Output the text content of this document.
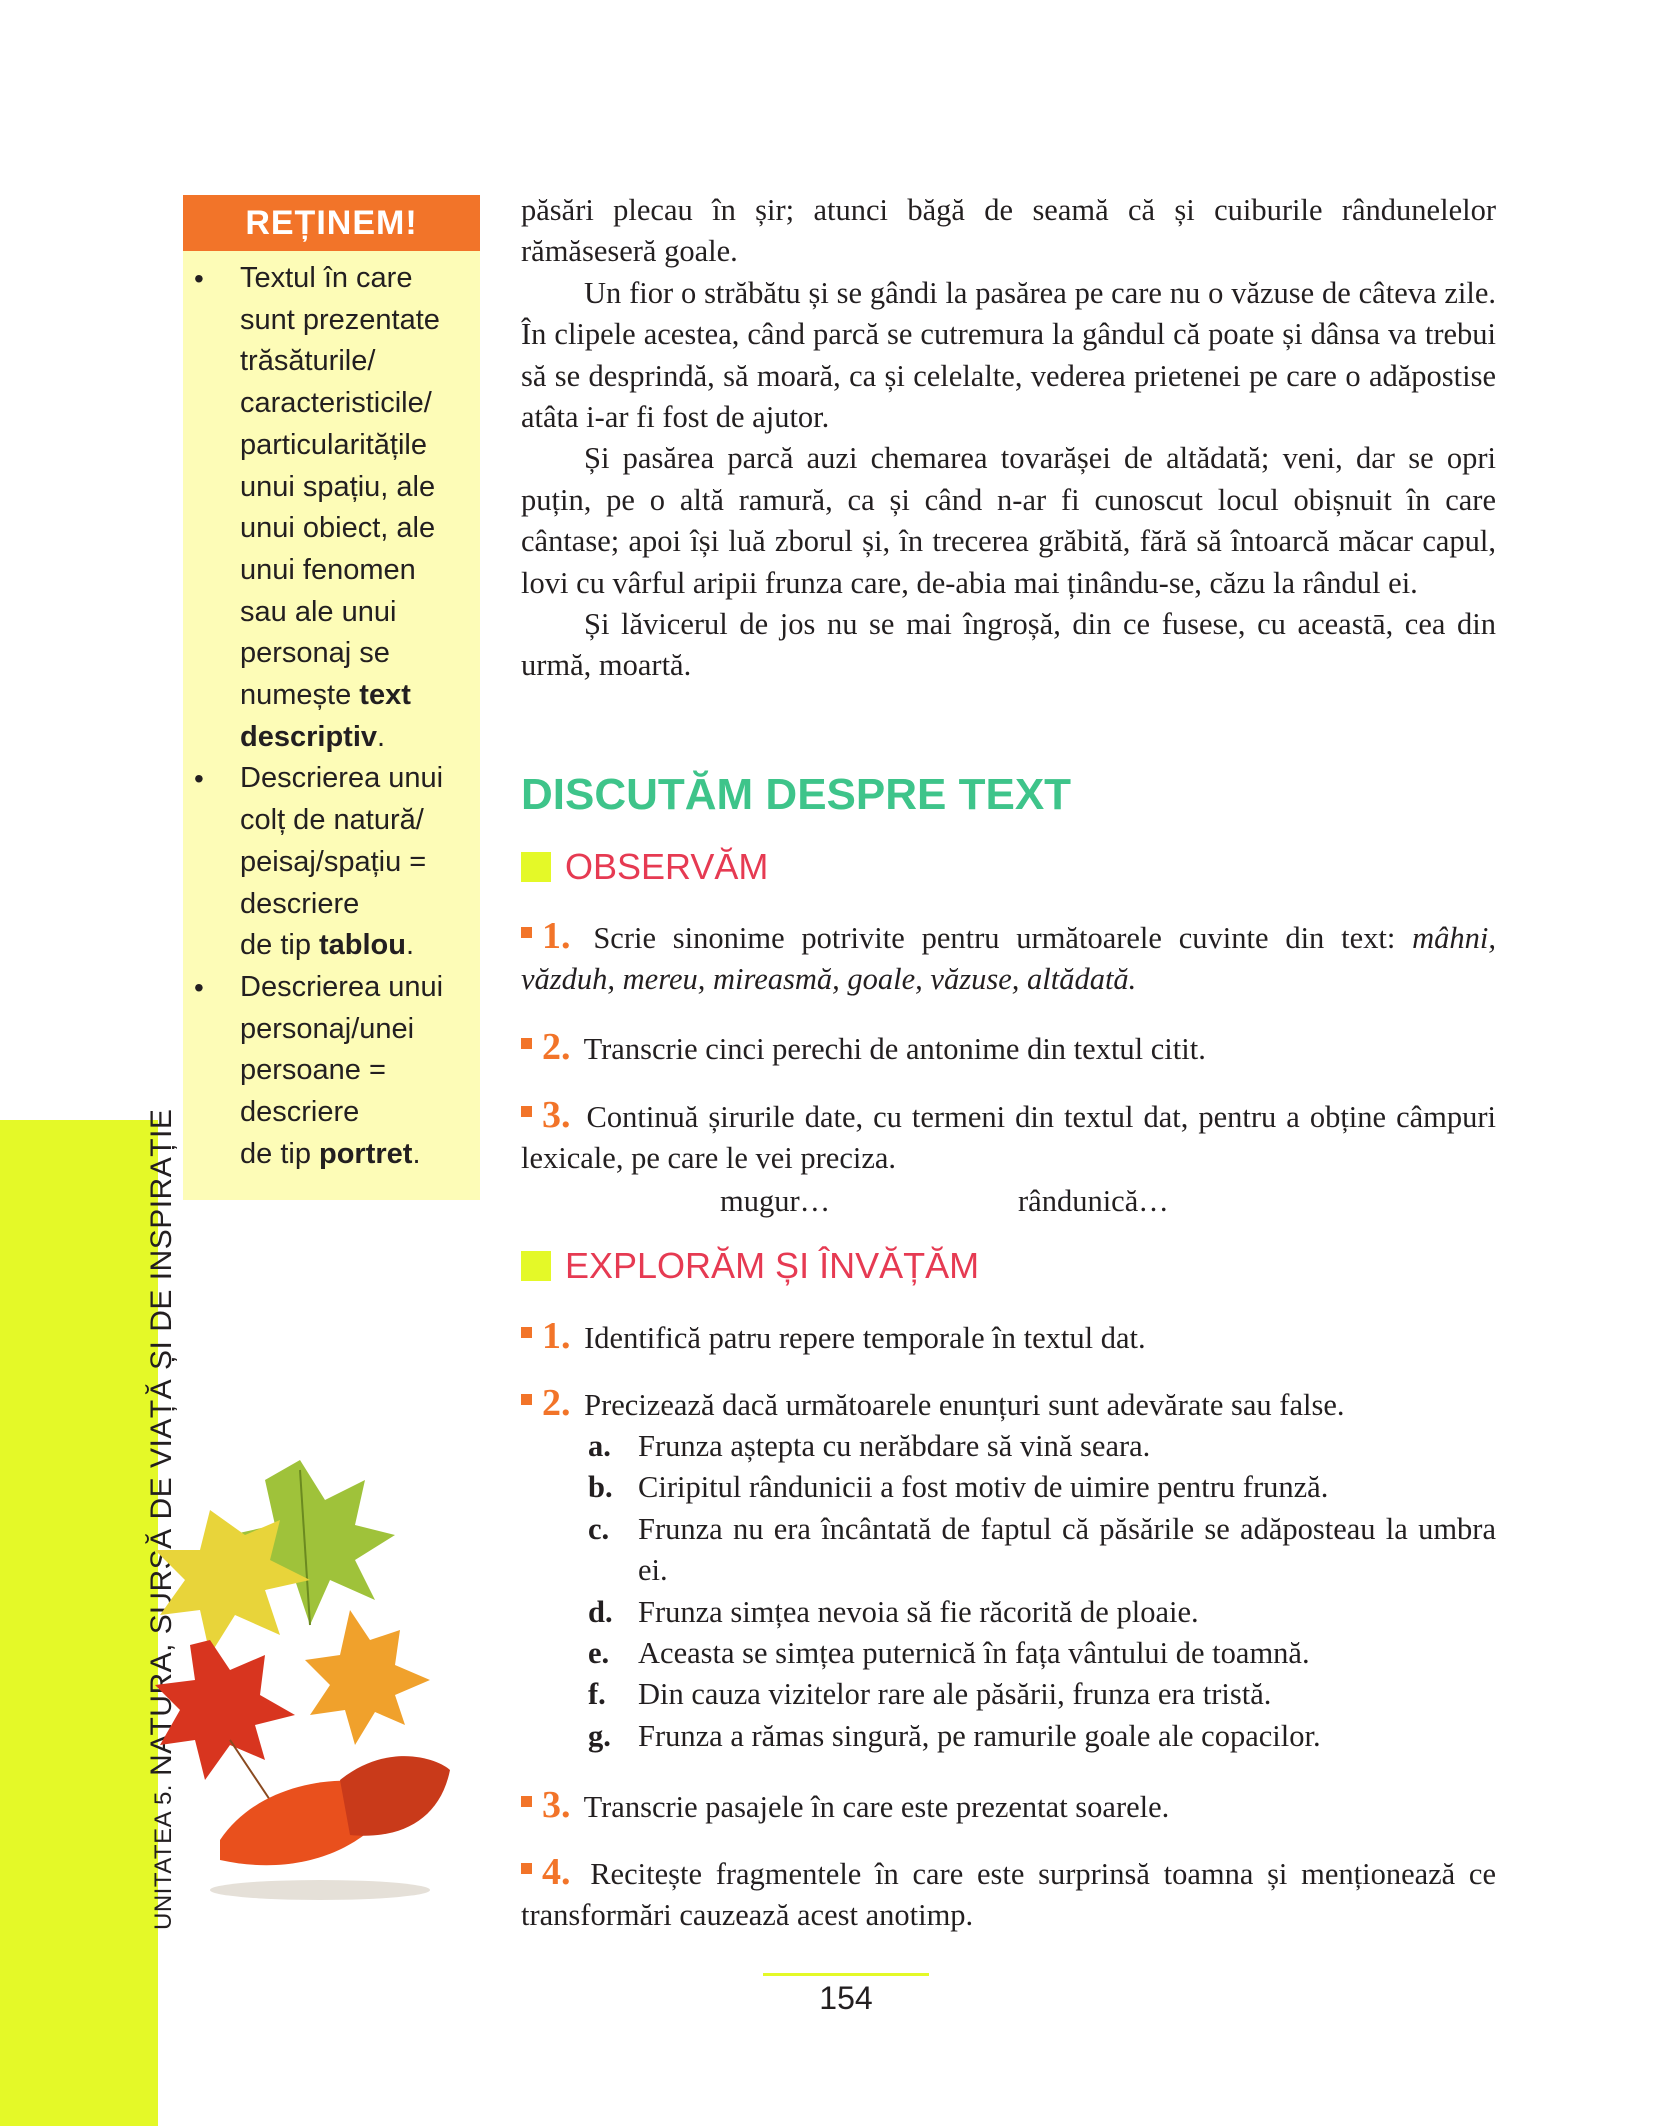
UNITATEA 5. NATURA, SURSĂ DE VIAȚĂ ȘI DE INSPIRAȚIE
REȚINEM!
• Textul în care
sunt prezentate
trăsăturile/
caracteristicile/
particularitățile
unui spațiu, ale
unui obiect, ale
unui fenomen
sau ale unui
personaj se
numește text descriptiv.
• Descrierea unui
colț de natură/
peisaj/spațiu =
descriere
de tip tablou.
• Descrierea unui
personaj/unei
persoane =
descriere
de tip portret.

păsări plecau în șir; atunci băgă de seamă că și cuiburile rândunelelor rămăseseră goale.

Un fior o străbătu și se gândi la pasărea pe care nu o văzuse de câteva zile. În clipele acestea, când parcă se cutremura la gândul că poate și dânsa va trebui să se desprindă, să moară, ca și celelalte, vederea prietenei pe care o adăpostise atâta i-ar fi fost de ajutor.

Și pasărea parcă auzi chemarea tovarășei de altădată; veni, dar se opri puțin, pe o altă ramură, ca și când n-ar fi cunoscut locul obișnuit în care cântase; apoi își luă zborul și, în trecerea grăbită, fără să întoarcă măcar capul, lovi cu vârful aripii frunza care, de-abia mai ținându-se, căzu la rândul ei.

Și lăvicerul de jos nu se mai îngroșă, din ce fusese, cu aceastā, cea din urmă, moartă.

DISCUTĂM DESPRE TEXT
OBSERVĂM
1. Scrie sinonime potrivite pentru următoarele cuvinte din text: mâhni, văzduh, mereu, mireasmă, goale, văzuse, altădată.
2. Transcrie cinci perechi de antonime din textul citit.
3. Continuă șirurile date, cu termeni din textul dat, pentru a obține câmpuri lexicale, pe care le vei preciza.
mugur…	rândunică…
EXPLORĂM ȘI ÎNVĂȚĂM
1. Identifică patru repere temporale în textul dat.
2. Precizează dacă următoarele enunțuri sunt adevărate sau false.
a. Frunza aștepta cu nerăbdare să vină seara.
b. Ciripitul rândunicii a fost motiv de uimire pentru frunză.
c. Frunza nu era încântată de faptul că păsările se adăposteau la umbra ei.
d. Frunza simțea nevoia să fie răcorită de ploaie.
e. Aceasta se simțea puternică în fața vântului de toamnă.
f.	Din cauza vizitelor rare ale păsării, frunza era tristă.
g. Frunza a rămas singură, pe ramurile goale ale copacilor.
3. Transcrie pasajele în care este prezentat soarele.
4. Recitește fragmentele în care este surprinsă toamna și menționează ce transformări cauzează acest anotimp.
154
